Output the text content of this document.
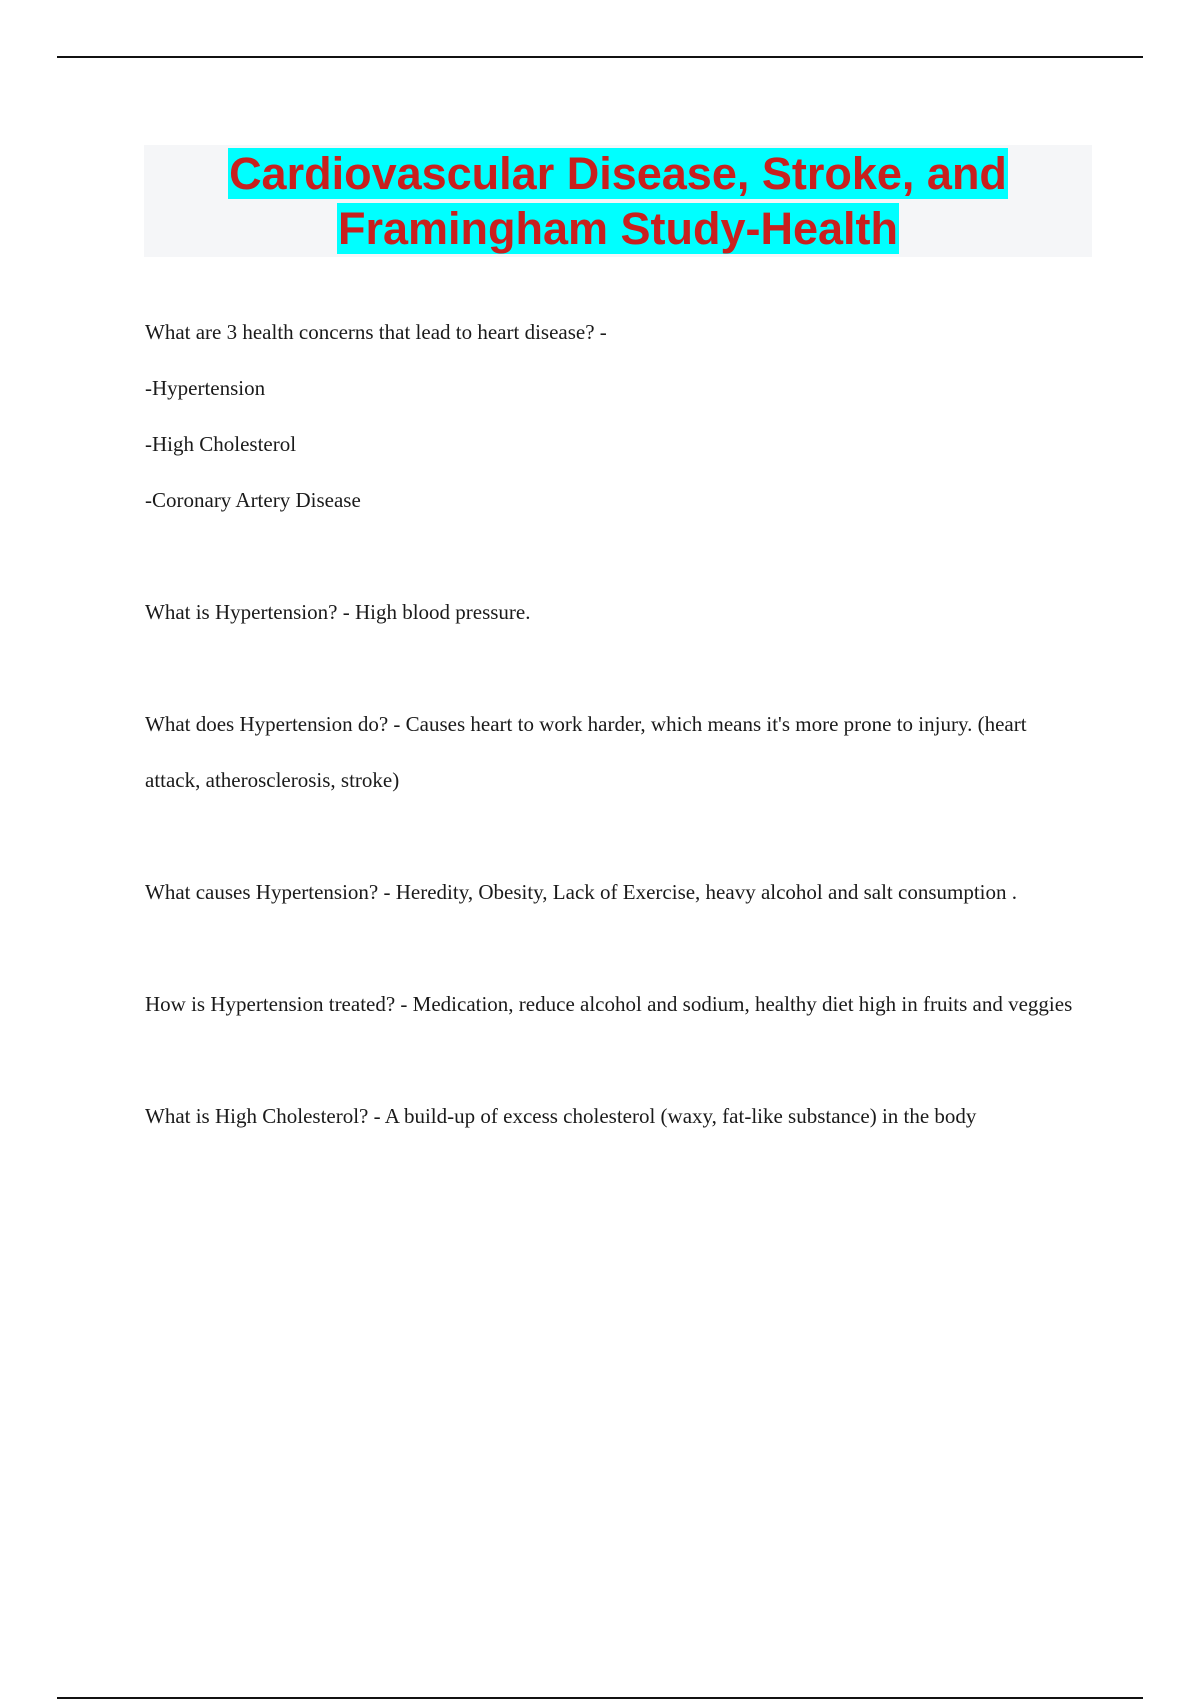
Cardiovascular Disease, Stroke, and
Framingham Study-Health

What are 3 health concerns that lead to heart disease? -

-Hypertension

-High Cholesterol

-Coronary Artery Disease

What is Hypertension? - High blood pressure.

What does Hypertension do? - Causes heart to work harder, which means it's more prone to injury. (heart attack, atherosclerosis, stroke)

What causes Hypertension? - Heredity, Obesity, Lack of Exercise, heavy alcohol and salt consumption .

How is Hypertension treated? - Medication, reduce alcohol and sodium, healthy diet high in fruits and veggies

What is High Cholesterol? - A build-up of excess cholesterol (waxy, fat-like substance) in the body
